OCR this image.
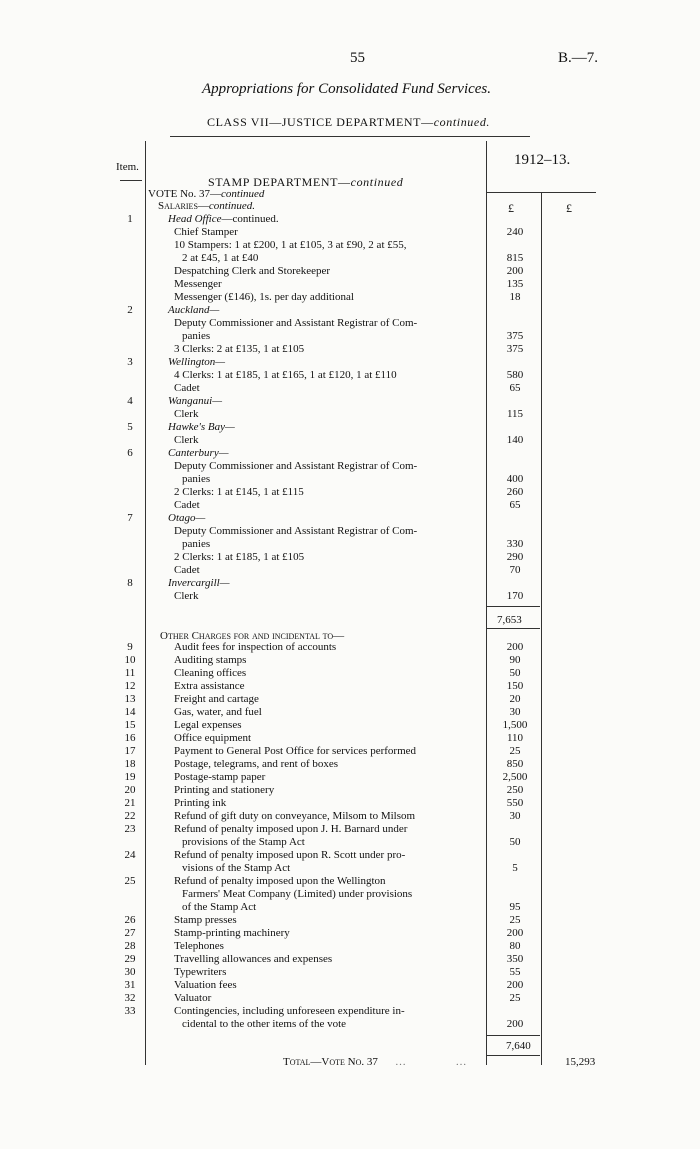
55	B.—7.
Appropriations for Consolidated Fund Services.
CLASS VII—JUSTICE DEPARTMENT—continued.
Item.	1912–13.
STAMP DEPARTMENT—continued
VOTE No. 37—continued
Salaries—continued.	£	£
1	Head Office—continued.
Chief Stamper	240
10 Stampers: 1 at £200, 1 at £105, 3 at £90, 2 at £55,
2 at £45, 1 at £40	815
Despatching Clerk and Storekeeper	200
Messenger	135
Messenger (£146), 1s. per day additional	18
2	Auckland—
Deputy Commissioner and Assistant Registrar of Com-
panies	375
3 Clerks: 2 at £135, 1 at £105	375
3	Wellington—
4 Clerks: 1 at £185, 1 at £165, 1 at £120, 1 at £110	580
Cadet	65
4	Wanganui—
Clerk	115
5	Hawke's Bay—
Clerk	140
6	Canterbury—
Deputy Commissioner and Assistant Registrar of Com-
panies	400
2 Clerks: 1 at £145, 1 at £115	260
Cadet	65
7	Otago—
Deputy Commissioner and Assistant Registrar of Com-
panies	330
2 Clerks: 1 at £185, 1 at £105	290
Cadet	70
8	Invercargill—
Clerk	170
7,653
Other Charges for and incidental to—
9	Audit fees for inspection of accounts	200
10	Auditing stamps	90
11	Cleaning offices	50
12	Extra assistance	150
13	Freight and cartage	20
14	Gas, water, and fuel	30
15	Legal expenses	1,500
16	Office equipment	110
17	Payment to General Post Office for services performed	25
18	Postage, telegrams, and rent of boxes	850
19	Postage-stamp paper	2,500
20	Printing and stationery	250
21	Printing ink	550
22	Refund of gift duty on conveyance, Milsom to Milsom	30
23	Refund of penalty imposed upon J. H. Barnard under
provisions of the Stamp Act	50
24	Refund of penalty imposed upon R. Scott under pro-
visions of the Stamp Act	5
25	Refund of penalty imposed upon the Wellington
Farmers' Meat Company (Limited) under provisions
of the Stamp Act	95
26	Stamp presses	25
27	Stamp-printing machinery	200
28	Telephones	80
29	Travelling allowances and expenses	350
30	Typewriters	55
31	Valuation fees	200
32	Valuator	25
33	Contingencies, including unforeseen expenditure in-
cidental to the other items of the vote	200
7,640
Total—Vote No. 37 …                  …	15,293
